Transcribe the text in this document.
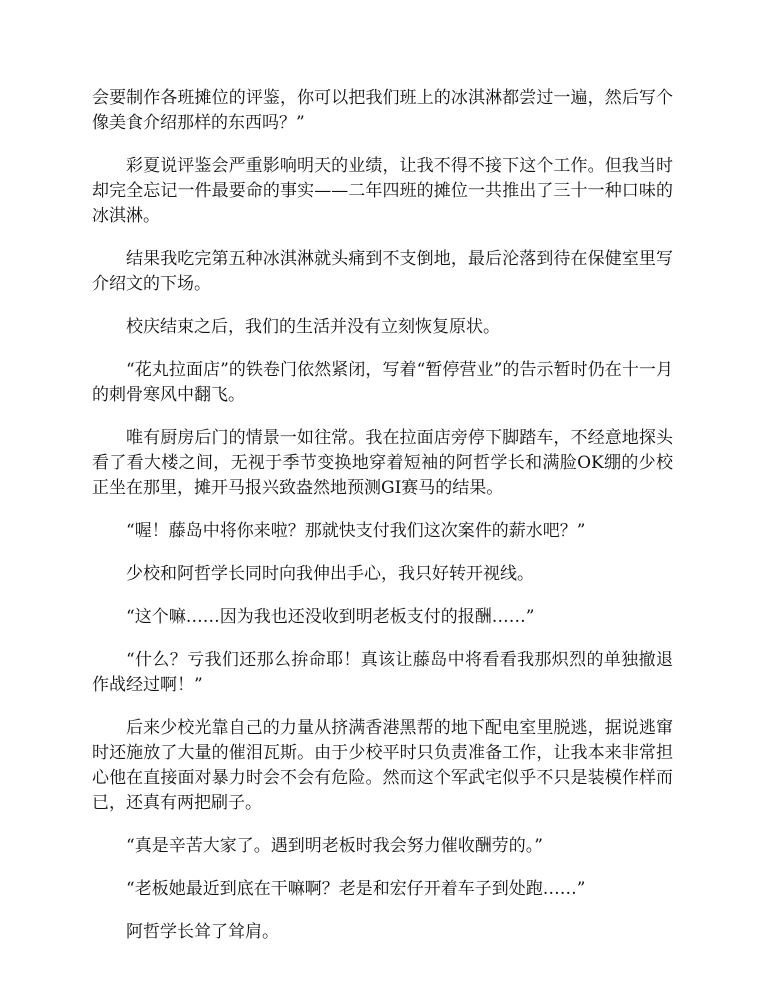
会要制作各班摊位的评鉴，你可以把我们班上的冰淇淋都尝过一遍，然后写个像美食介绍那样的东西吗？”

彩夏说评鉴会严重影响明天的业绩，让我不得不接下这个工作。但我当时却完全忘记一件最要命的事实——二年四班的摊位一共推出了三十一种口味的冰淇淋。

结果我吃完第五种冰淇淋就头痛到不支倒地，最后沦落到待在保健室里写介绍文的下场。

校庆结束之后，我们的生活并没有立刻恢复原状。

“花丸拉面店”的铁卷门依然紧闭，写着“暂停营业”的告示暂时仍在十一月的刺骨寒风中翻飞。

唯有厨房后门的情景一如往常。我在拉面店旁停下脚踏车，不经意地探头看了看大楼之间，无视于季节变换地穿着短袖的阿哲学长和满脸OK绷的少校正坐在那里，摊开马报兴致盎然地预测GI赛马的结果。

“喔！藤岛中将你来啦？那就快支付我们这次案件的薪水吧？”

少校和阿哲学长同时向我伸出手心，我只好转开视线。

“这个嘛……因为我也还没收到明老板支付的报酬……”

“什么？亏我们还那么拚命耶！真该让藤岛中将看看我那炽烈的单独撤退作战经过啊！”

后来少校光靠自己的力量从挤满香港黑帮的地下配电室里脱逃，据说逃窜时还施放了大量的催泪瓦斯。由于少校平时只负责准备工作，让我本来非常担心他在直接面对暴力时会不会有危险。然而这个军武宅似乎不只是装模作样而已，还真有两把刷子。

“真是辛苦大家了。遇到明老板时我会努力催收酬劳的。”

“老板她最近到底在干嘛啊？老是和宏仔开着车子到处跑……”

阿哲学长耸了耸肩。
